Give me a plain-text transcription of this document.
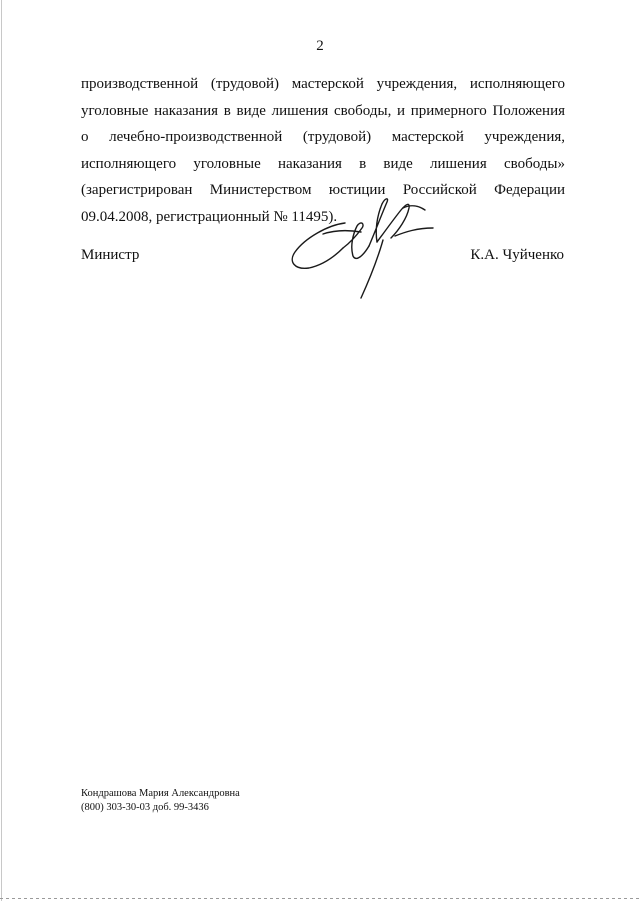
2
производственной (трудовой) мастерской учреждения, исполняющего
уголовные наказания в виде лишения свободы, и примерного Положения
о лечебно-производственной (трудовой) мастерской учреждения,
исполняющего уголовные наказания в виде лишения свободы»
(зарегистрирован Министерством юстиции Российской Федерации
09.04.2008, регистрационный № 11495).
Министр	К.А. Чуйченко
Кондрашова Мария Александровна
(800) 303-30-03 доб. 99-3436
